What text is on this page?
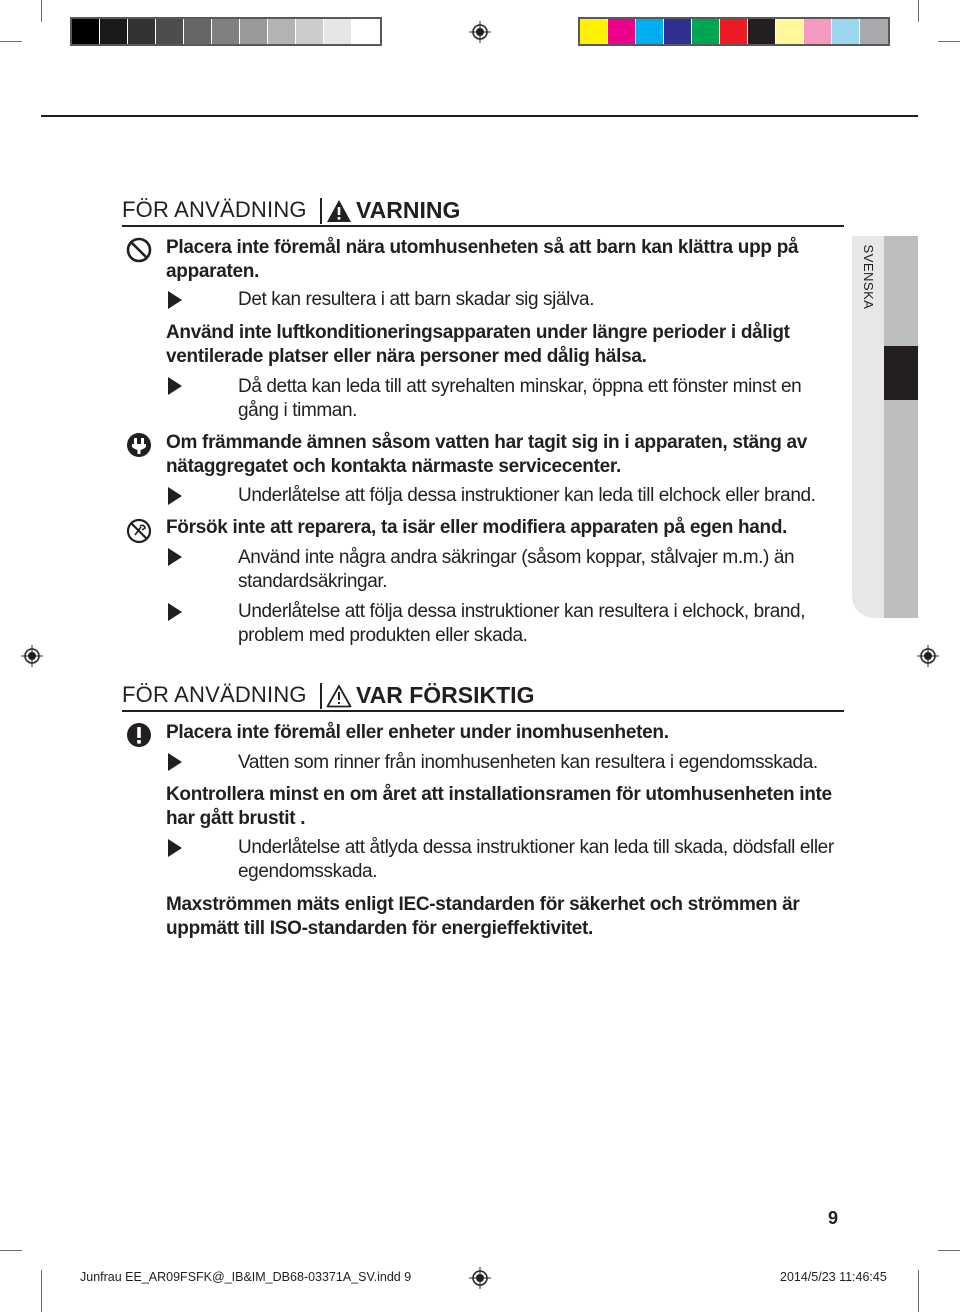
SVENSKA
FÖR ANVÄDNING VARNING
Placera inte föremål nära utomhusenheten så att barn kan klättra upp på apparaten.
Det kan resultera i att barn skadar sig själva.
Använd inte luftkonditioneringsapparaten under längre perioder i dåligt ventilerade platser eller nära personer med dålig hälsa.
Då detta kan leda till att syrehalten minskar, öppna ett fönster minst en gång i timman.
Om främmande ämnen såsom vatten har tagit sig in i apparaten, stäng av nätaggregatet och kontakta närmaste servicecenter.
Underlåtelse att följa dessa instruktioner kan leda till elchock eller brand.
Försök inte att reparera, ta isär eller modifiera apparaten på egen hand.
Använd inte några andra säkringar (såsom koppar, stålvajer m.m.) än standardsäkringar.
Underlåtelse att följa dessa instruktioner kan resultera i elchock, brand, problem med produkten eller skada.
FÖR ANVÄDNING VAR FÖRSIKTIG
Placera inte föremål eller enheter under inomhusenheten.
Vatten som rinner från inomhusenheten kan resultera i egendomsskada.
Kontrollera minst en om året att installationsramen för utomhusenheten inte har gått brustit .
Underlåtelse att åtlyda dessa instruktioner kan leda till skada, dödsfall eller egendomsskada.
Maxströmmen mäts enligt IEC-standarden för säkerhet och strömmen är uppmätt till ISO-standarden för energieffektivitet.
9
Junfrau EE_AR09FSFK@_IB&IM_DB68-03371A_SV.indd 9	2014/5/23 11:46:45
